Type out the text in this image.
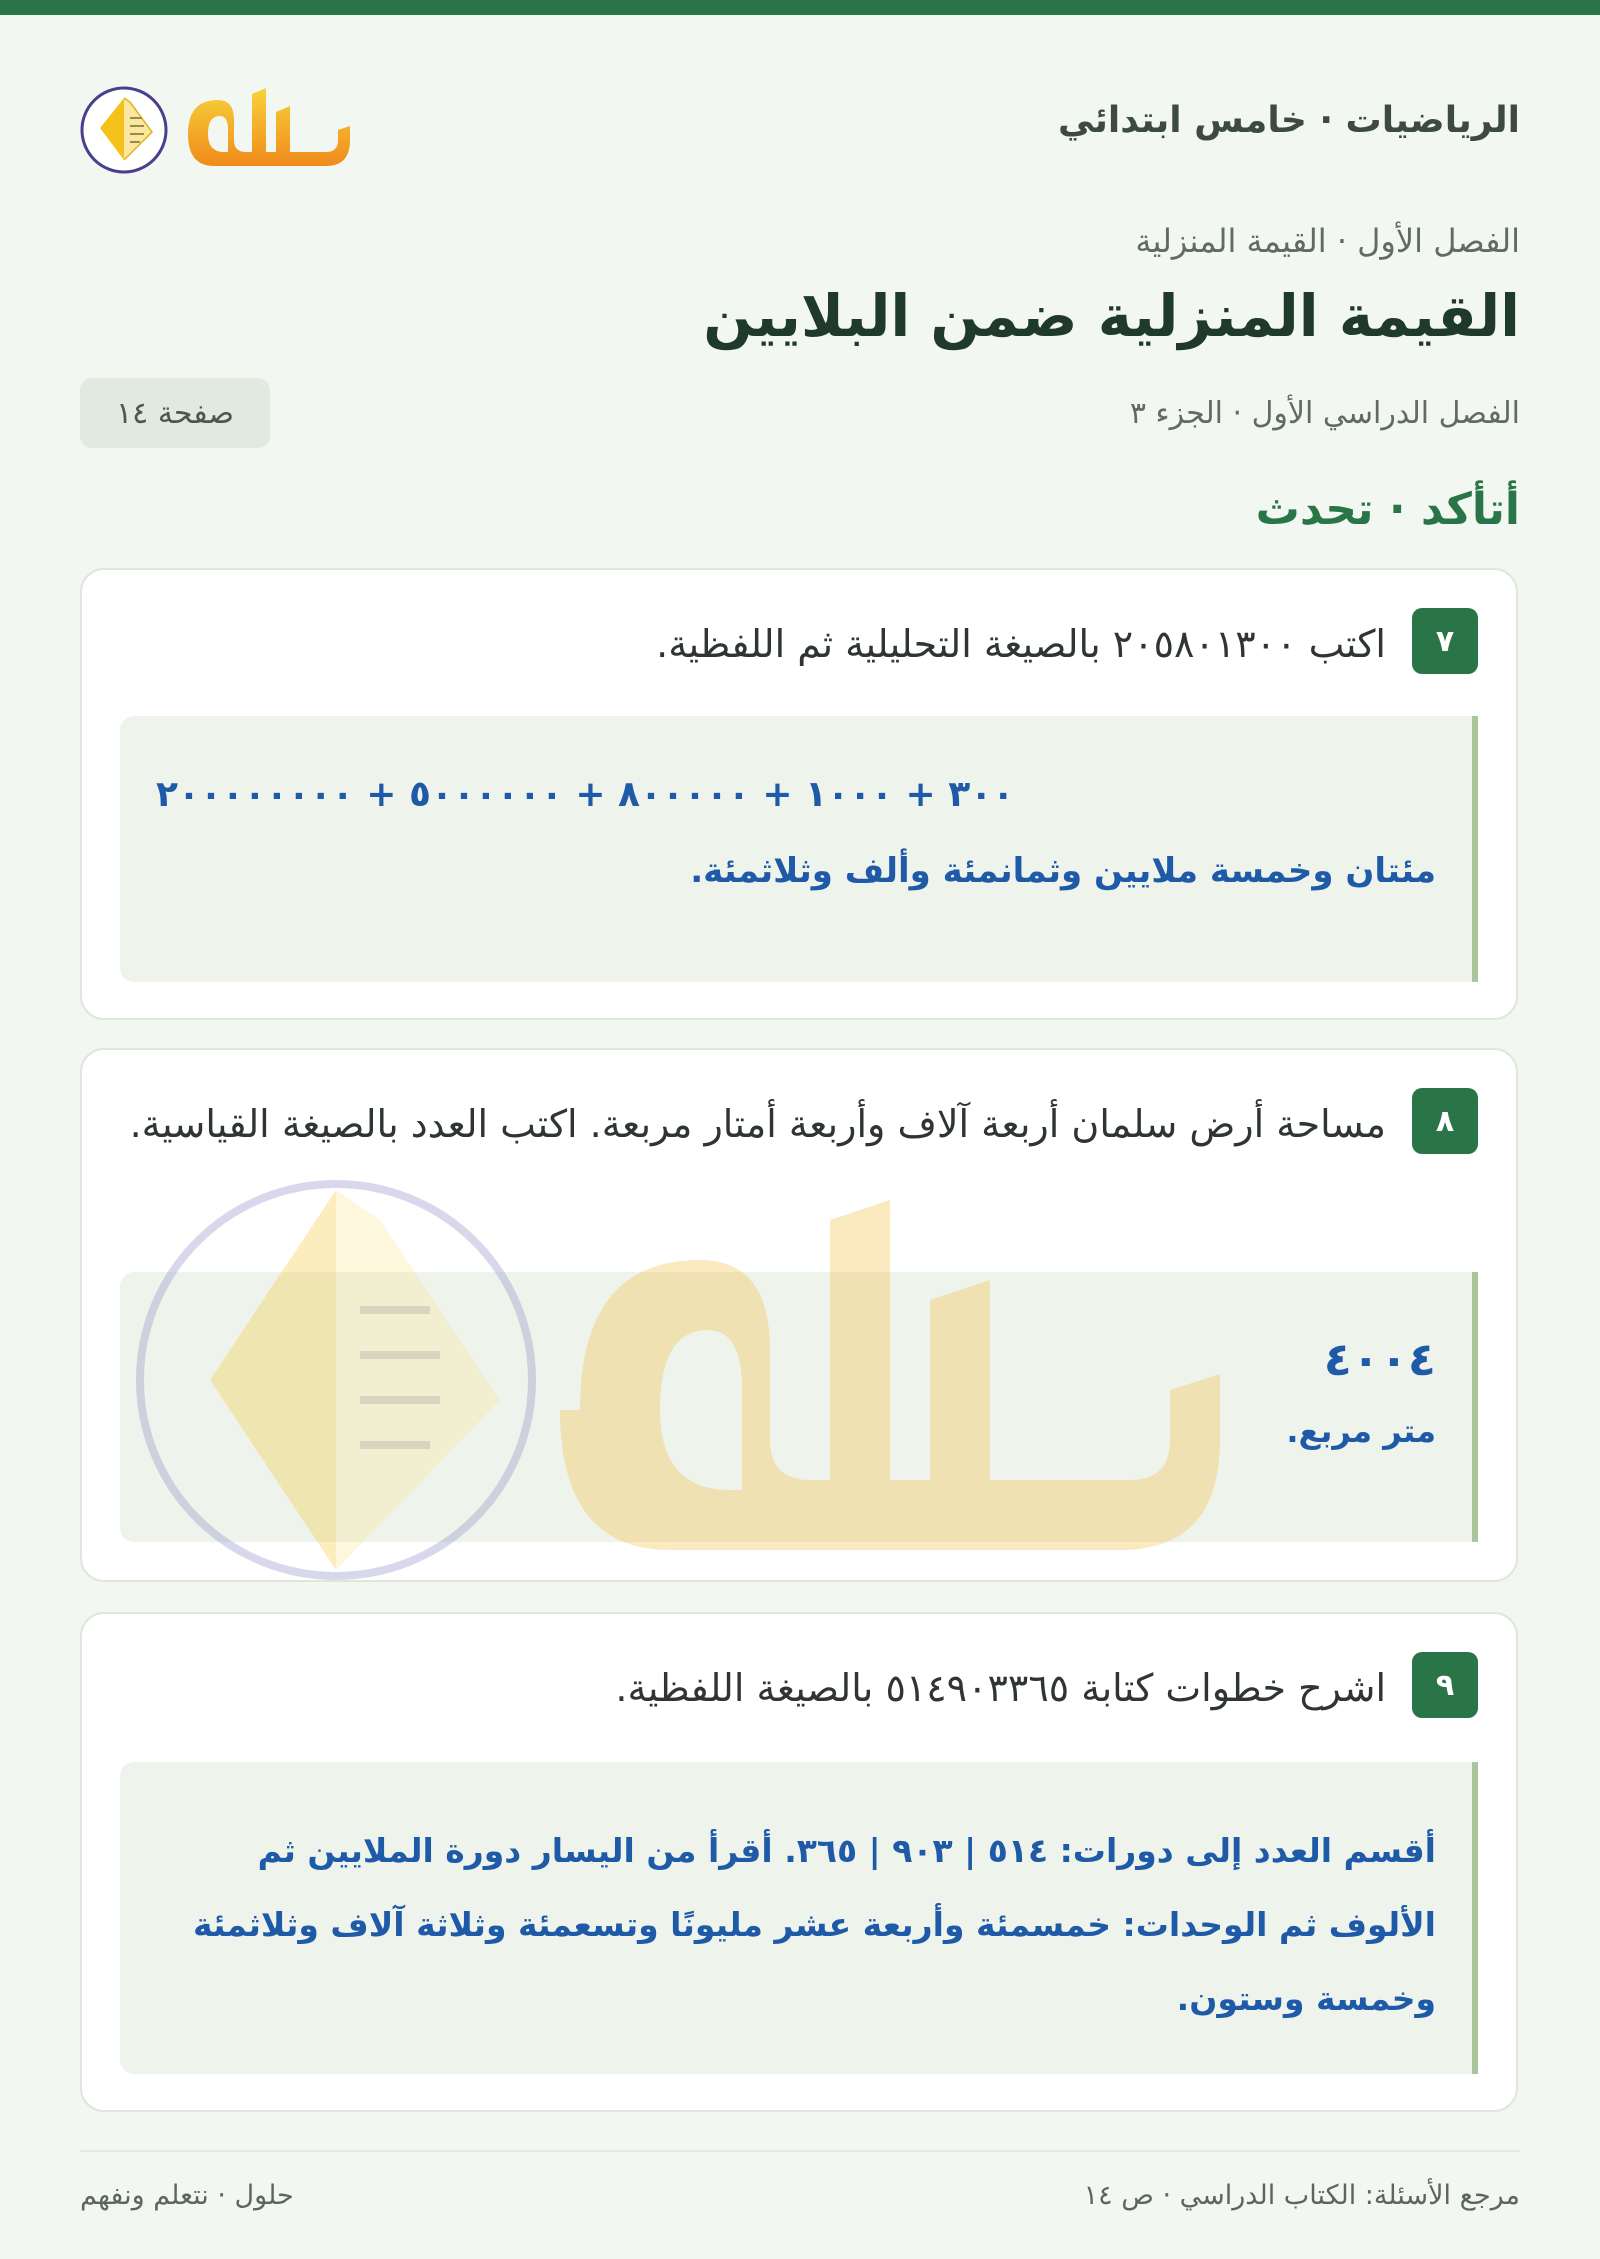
الرياضيات · خامس ابتدائي
الفصل الأول · القيمة المنزلية
القيمة المنزلية ضمن البلايين
الفصل الدراسي الأول · الجزء ٣
صفحة ١٤
أتأكد · تحدث
٧

اكتب ٢٠٥٨٠١٣٠٠ بالصيغة التحليلية ثم اللفظية.

٣٠٠ + ١٠٠٠ + ٨٠٠٠٠٠ + ٥٠٠٠٠٠٠ + ٢٠٠٠٠٠٠٠٠
مئتان وخمسة ملايين وثمانمئة وألف وثلاثمئة.
٨

مساحة أرض سلمان أربعة آلاف وأربعة أمتار مربعة. اكتب العدد بالصيغة القياسية.

٤٠٠٤
متر مربع.
٩

اشرح خطوات كتابة ٥١٤٩٠٣٣٦٥ بالصيغة اللفظية.

أقسم العدد إلى دورات: ٥١٤ | ٩٠٣ | ٣٦٥. أقرأ من اليسار دورة الملايين ثم الألوف ثم الوحدات: خمسمئة وأربعة عشر مليونًا وتسعمئة وثلاثة آلاف وثلاثمئة وخمسة وستون.
مرجع الأسئلة: الكتاب الدراسي · ص ١٤
حلول · نتعلم ونفهم
